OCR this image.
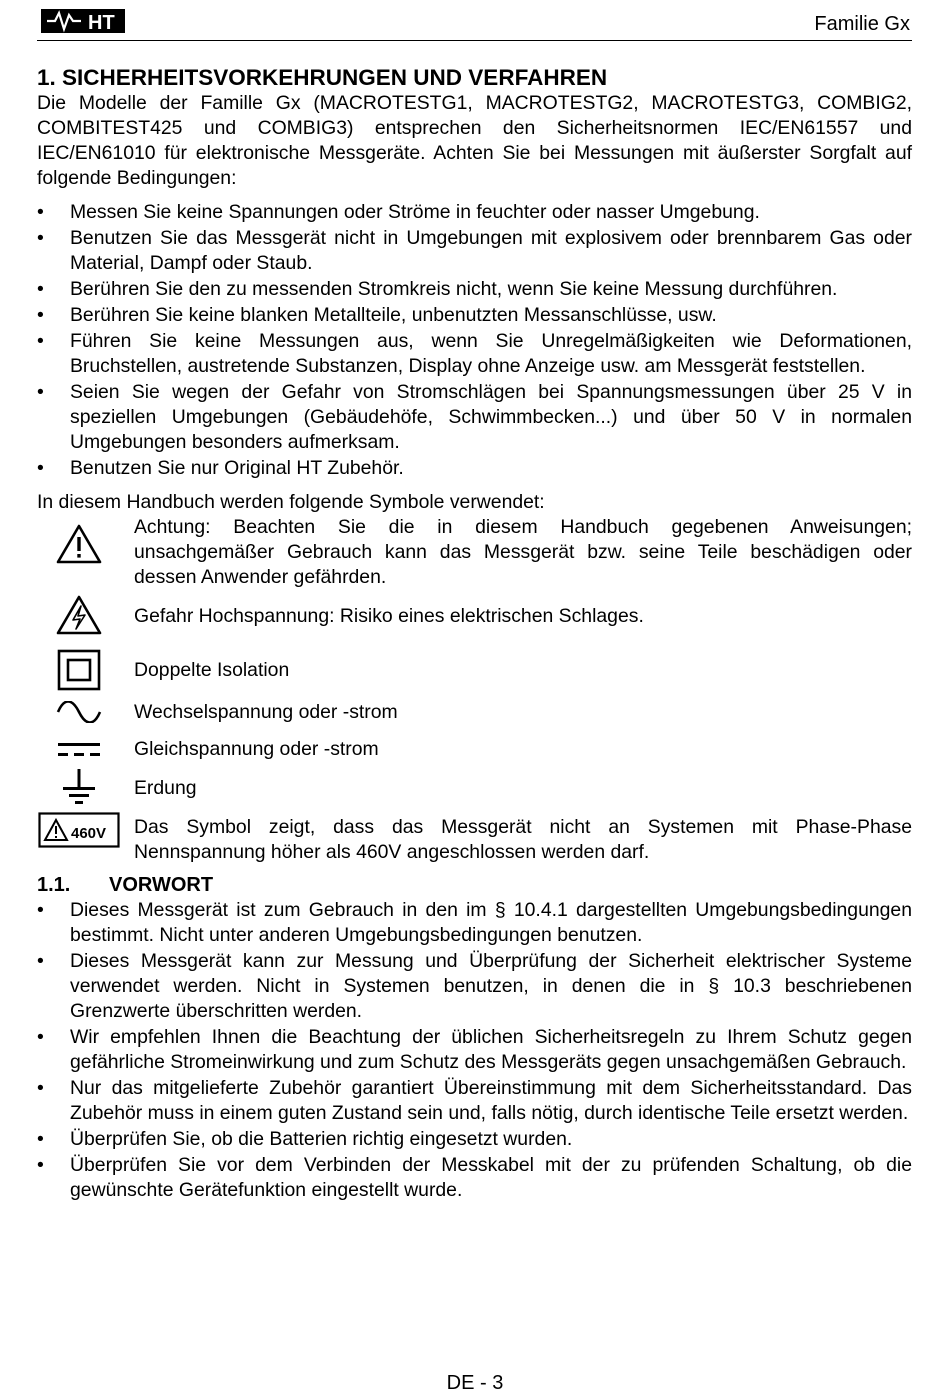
HT	Familie Gx
1. SICHERHEITSVORKEHRUNGEN UND VERFAHREN
Die Modelle der Famille Gx (MACROTESTG1, MACROTESTG2, MACROTESTG3, COMBIG2, COMBITEST425 und COMBIG3) entsprechen den Sicherheitsnormen IEC/EN61557 und IEC/EN61010 für elektronische Messgeräte. Achten Sie bei Messungen mit äußerster Sorgfalt auf folgende Bedingungen:
• Messen Sie keine Spannungen oder Ströme in feuchter oder nasser Umgebung.
• Benutzen Sie das Messgerät nicht in Umgebungen mit explosivem oder brennbarem Gas oder Material, Dampf oder Staub.
• Berühren Sie den zu messenden Stromkreis nicht, wenn Sie keine Messung durchführen.
• Berühren Sie keine blanken Metallteile, unbenutzten Messanschlüsse, usw.
• Führen Sie keine Messungen aus, wenn Sie Unregelmäßigkeiten wie Deformationen, Bruchstellen, austretende Substanzen, Display ohne Anzeige usw. am Messgerät feststellen.
• Seien Sie wegen der Gefahr von Stromschlägen bei Spannungsmessungen über 25 V in speziellen Umgebungen (Gebäudehöfe, Schwimmbecken...) und über 50 V in normalen Umgebungen besonders aufmerksam.
• Benutzen Sie nur Original HT Zubehör.
In diesem Handbuch werden folgende Symbole verwendet:
Achtung: Beachten Sie die in diesem Handbuch gegebenen Anweisungen; unsachgemäßer Gebrauch kann das Messgerät bzw. seine Teile beschädigen oder dessen Anwender gefährden.
Gefahr Hochspannung: Risiko eines elektrischen Schlages.
Doppelte Isolation
Wechselspannung oder -strom
Gleichspannung oder -strom
Erdung
460V Das Symbol zeigt, dass das Messgerät nicht an Systemen mit Phase-Phase Nennspannung höher als 460V angeschlossen werden darf.
1.1. VORWORT
• Dieses Messgerät ist zum Gebrauch in den im § 10.4.1 dargestellten Umgebungsbedingungen bestimmt. Nicht unter anderen Umgebungsbedingungen benutzen.
• Dieses Messgerät kann zur Messung und Überprüfung der Sicherheit elektrischer Systeme verwendet werden. Nicht in Systemen benutzen, in denen die in § 10.3 beschriebenen Grenzwerte überschritten werden.
• Wir empfehlen Ihnen die Beachtung der üblichen Sicherheitsregeln zu Ihrem Schutz gegen gefährliche Stromeinwirkung und zum Schutz des Messgeräts gegen unsachgemäßen Gebrauch.
• Nur das mitgelieferte Zubehör garantiert Übereinstimmung mit dem Sicherheitsstandard. Das Zubehör muss in einem guten Zustand sein und, falls nötig, durch identische Teile ersetzt werden.
• Überprüfen Sie, ob die Batterien richtig eingesetzt wurden.
• Überprüfen Sie vor dem Verbinden der Messkabel mit der zu prüfenden Schaltung, ob die gewünschte Gerätefunktion eingestellt wurde.
DE - 3
